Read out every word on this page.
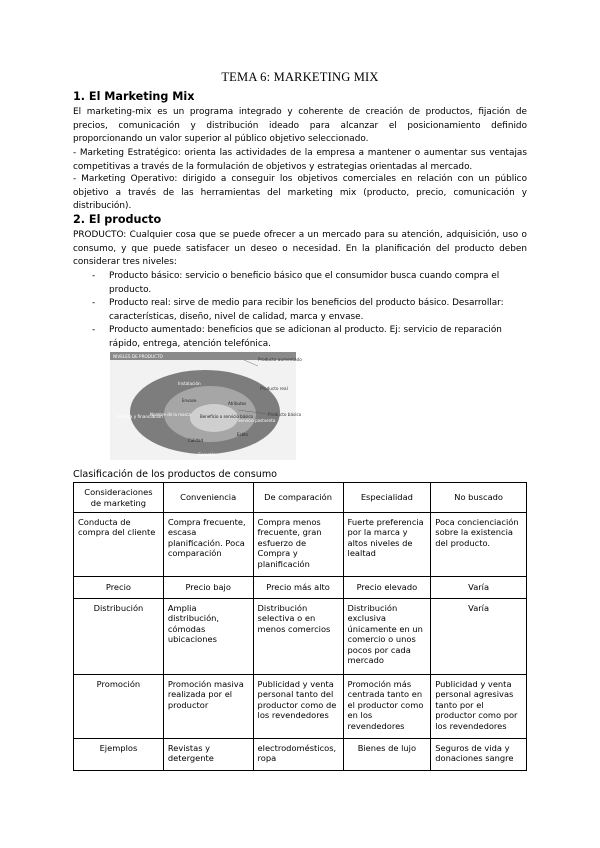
TEMA 6: MARKETING MIX
1. El Marketing Mix
El marketing-mix es un programa integrado y coherente de creación de productos, fijación de precios, comunicación y distribución ideado para alcanzar el posicionamiento definido proporcionando un valor superior al público objetivo seleccionado.
- Marketing Estratégico: orienta las actividades de la empresa a mantener o aumentar sus ventajas competitivas a través de la formulación de objetivos y estrategias orientadas al mercado.
- Marketing Operativo: dirigido a conseguir los objetivos comerciales en relación con un público objetivo a través de las herramientas del marketing mix (producto, precio, comunicación y distribución).
2. El producto
PRODUCTO: Cualquier cosa que se puede ofrecer a un mercado para su atención, adquisición, uso o consumo, y que puede satisfacer un deseo o necesidad. En la planificación del producto deben considerar tres niveles:
- Producto básico: servicio o beneficio básico que el consumidor busca cuando compra el producto.
- Producto real: sirve de medio para recibir los beneficios del producto básico. Desarrollar: características, diseño, nivel de calidad, marca y envase.
- Producto aumentado: beneficios que se adicionan al producto. Ej: servicio de reparación rápido, entrega, atención telefónica.
NIVELES DE PRODUCTO
Producto aumentado
Producto real
Producto básico
Instalación
Envase
Atributos
Entrega y financiación
Nombre de la marca Beneficio o servicio básico
Servicio postventa
Calidad
Estilo
Garantía
Clasificación de los productos de consumo
Consideraciones de marketing	Conveniencia	De comparación	Especialidad	No buscado
Conducta de compra del cliente	Compra frecuente, escasa planificación. Poca comparación	Compra menos frecuente, gran esfuerzo de Compra y planificación	Fuerte preferencia por la marca y altos niveles de lealtad	Poca concienciación sobre la existencia del producto.
Precio	Precio bajo	Precio más alto	Precio elevado	Varía
Distribución	Amplia distribución, cómodas ubicaciones	Distribución selectiva o en menos comercios	Distribución exclusiva únicamente en un comercio o unos pocos por cada mercado	Varía
Promoción	Promoción masiva realizada por el productor	Publicidad y venta personal tanto del productor como de los revendedores	Promoción más centrada tanto en el productor como en los revendedores	Publicidad y venta personal agresivas tanto por el productor como por los revendedores
Ejemplos	Revistas y detergente	electrodomésticos, ropa	Bienes de lujo	Seguros de vida y donaciones sangre
